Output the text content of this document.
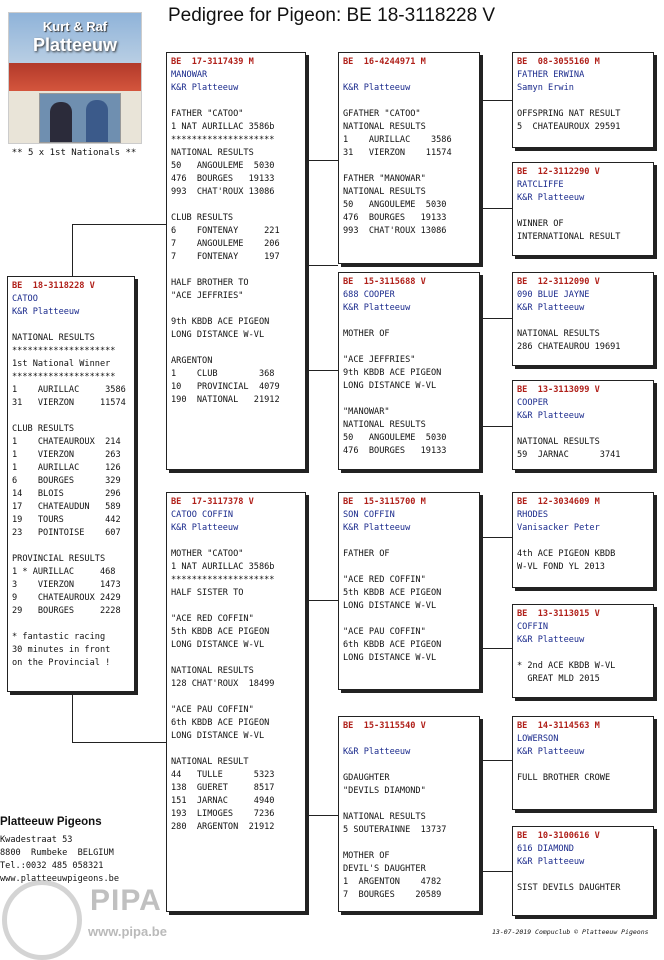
Pedigree for Pigeon: BE 18-3118228 V
Kurt & Raf
Platteeuw
** 5 x 1st Nationals **
BE  18-3118228 V
CATOO
K&R Platteeuw

NATIONAL RESULTS
********************
1st National Winner
********************
1    AURILLAC     3586
31   VIERZON     11574

CLUB RESULTS
1    CHATEAUROUX  214
1    VIERZON      263
1    AURILLAC     126
6    BOURGES      329
14   BLOIS        296
17   CHATEAUDUN   589
19   TOURS        442
23   POINTOISE    607

PROVINCIAL RESULTS
1 * AURILLAC     468
3    VIERZON     1473
9    CHATEAUROUX 2429
29   BOURGES     2228

* fantastic racing
30 minutes in front
on the Provincial !
BE  17-3117439 M
MANOWAR
K&R Platteeuw

FATHER "CATOO"
1 NAT AURILLAC 3586b
********************
NATIONAL RESULTS
50   ANGOULEME  5030
476  BOURGES   19133
993  CHAT'ROUX 13086

CLUB RESULTS
6    FONTENAY     221
7    ANGOULEME    206
7    FONTENAY     197

HALF BROTHER TO
"ACE JEFFRIES"

9th KBDB ACE PIGEON
LONG DISTANCE W-VL

ARGENTON
1    CLUB        368
10   PROVINCIAL  4079
190  NATIONAL   21912
BE  17-3117378 V
CATOO COFFIN
K&R Platteeuw

MOTHER "CATOO"
1 NAT AURILLAC 3586b
********************
HALF SISTER TO

"ACE RED COFFIN"
5th KBDB ACE PIGEON
LONG DISTANCE W-VL

NATIONAL RESULTS
128 CHAT'ROUX  18499

"ACE PAU COFFIN"
6th KBDB ACE PIGEON
LONG DISTANCE W-VL

NATIONAL RESULT
44   TULLE      5323
138  GUERET     8517
151  JARNAC     4940
193  LIMOGES    7236
280  ARGENTON  21912
BE  16-4244971 M

K&R Platteeuw

GFATHER "CATOO"
NATIONAL RESULTS
1    AURILLAC    3586
31   VIERZON    11574

FATHER "MANOWAR"
NATIONAL RESULTS
50   ANGOULEME  5030
476  BOURGES   19133
993  CHAT'ROUX 13086
BE  15-3115688 V
688 COOPER
K&R Platteeuw

MOTHER OF

"ACE JEFFRIES"
9th KBDB ACE PIGEON
LONG DISTANCE W-VL

"MANOWAR"
NATIONAL RESULTS
50   ANGOULEME  5030
476  BOURGES   19133
BE  15-3115700 M
SON COFFIN
K&R Platteeuw

FATHER OF

"ACE RED COFFIN"
5th KBDB ACE PIGEON
LONG DISTANCE W-VL

"ACE PAU COFFIN"
6th KBDB ACE PIGEON
LONG DISTANCE W-VL
BE  15-3115540 V

K&R Platteeuw

GDAUGHTER
"DEVILS DIAMOND"

NATIONAL RESULTS
5 SOUTERAINNE  13737

MOTHER OF
DEVIL'S DAUGHTER
1  ARGENTON    4782
7  BOURGES    20589
BE  08-3055160 M
FATHER ERWINA
Samyn Erwin

OFFSPRING NAT RESULT
5  CHATEAUROUX 29591
BE  12-3112290 V
RATCLIFFE
K&R Platteeuw

WINNER OF
INTERNATIONAL RESULT
BE  12-3112090 V
090 BLUE JAYNE
K&R Platteeuw

NATIONAL RESULTS
286 CHATEAUROU 19691
BE  13-3113099 V
COOPER
K&R Platteeuw

NATIONAL RESULTS
59  JARNAC      3741
BE  12-3034609 M
RHODES
Vanisacker Peter

4th ACE PIGEON KBDB
W-VL FOND YL 2013
BE  13-3113015 V
COFFIN
K&R Platteeuw

* 2nd ACE KBDB W-VL
GREAT MLD 2015
BE  14-3114563 M
LOWERSON
K&R Platteeuw

FULL BROTHER CROWE
BE  10-3100616 V
616 DIAMOND
K&R Platteeuw

SIST DEVILS DAUGHTER
Platteeuw Pigeons
Kwadestraat 53
8800  Rumbeke  BELGIUM
Tel.:0032 485 058321
www.platteeuwpigeons.be
PIPA
www.pipa.be	13-07-2019 Compuclub © Platteeuw Pigeons
